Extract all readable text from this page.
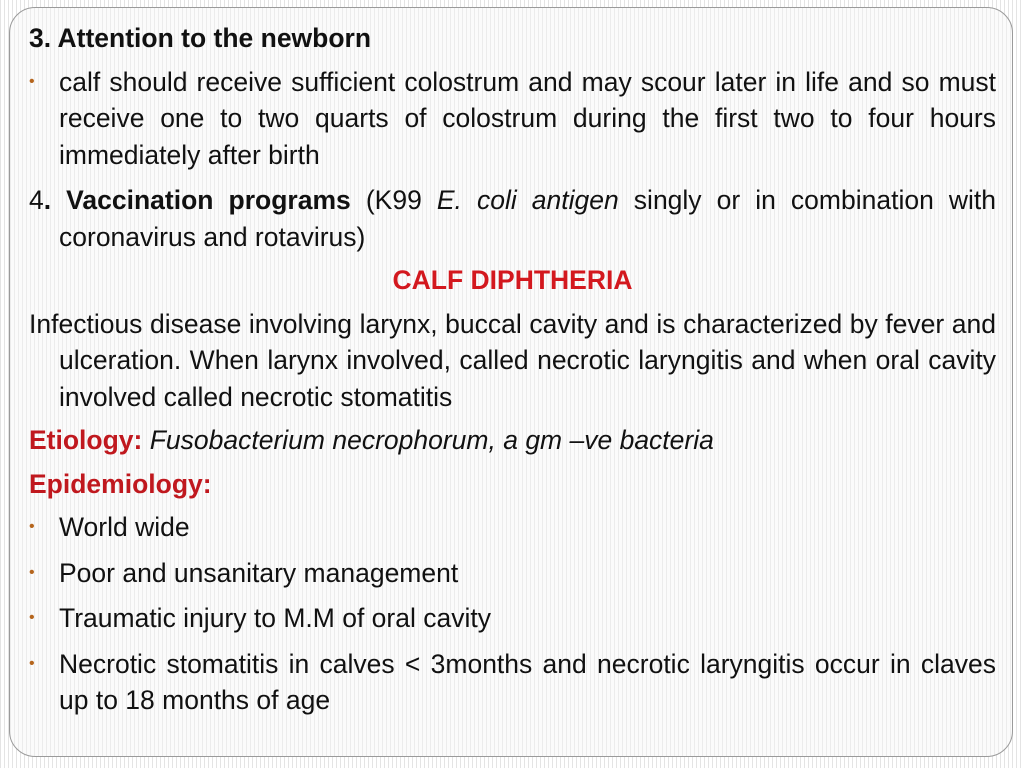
3. Attention to the newborn

• calf should receive sufficient colostrum and may scour later in life and so must receive one to two quarts of colostrum during the first two to four hours immediately after birth

4. Vaccination programs (K99 E. coli antigen singly or in combination with coronavirus and rotavirus)

CALF DIPHTHERIA

Infectious disease involving larynx, buccal cavity and is characterized by fever and ulceration. When larynx involved, called necrotic laryngitis and when oral cavity involved called necrotic stomatitis

Etiology: Fusobacterium necrophorum, a gm –ve bacteria

Epidemiology:

• World wide
• Poor and unsanitary management
• Traumatic injury to M.M of oral cavity
• Necrotic stomatitis in calves < 3months and necrotic laryngitis occur in claves up to 18 months of age
